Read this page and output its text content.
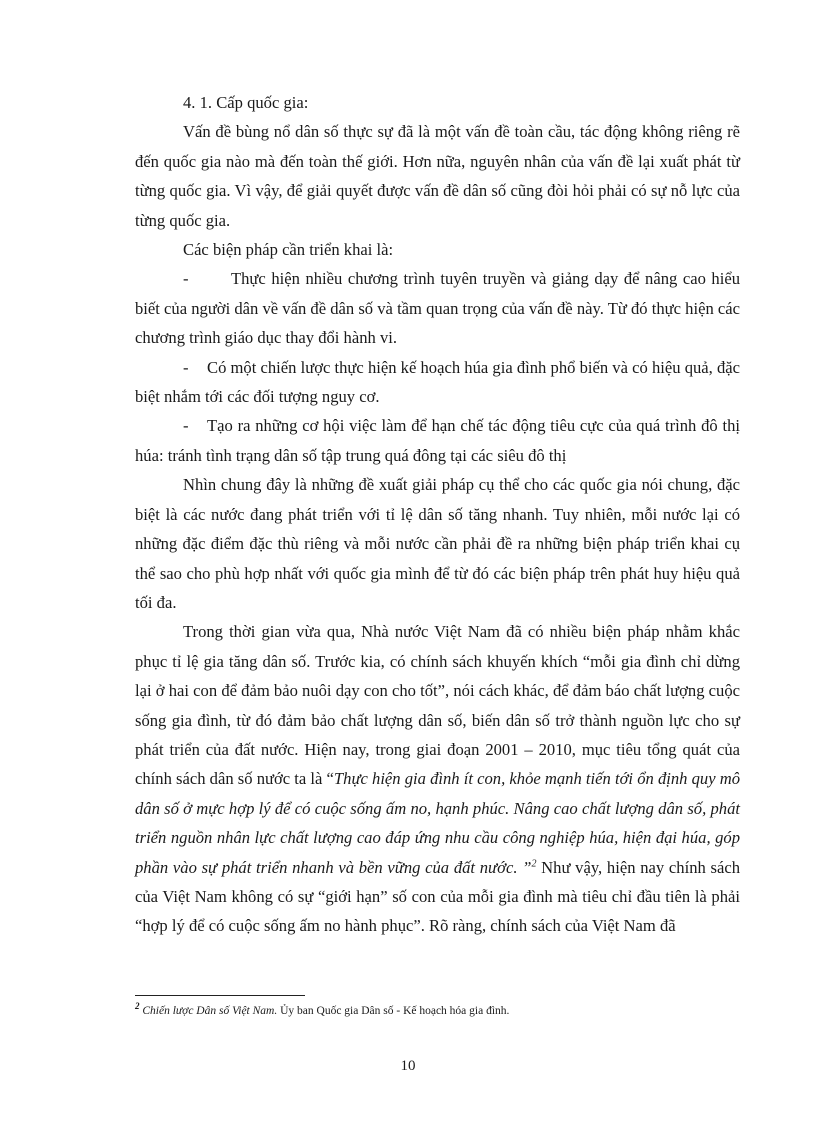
4. 1. Cấp quốc gia:

Vấn đề bùng nổ dân số thực sự đã là một vấn đề toàn cầu, tác động không riêng rẽ đến quốc gia nào mà đến toàn thế giới. Hơn nữa, nguyên nhân của vấn đề lại xuất phát từ từng quốc gia. Vì vậy, để giải quyết được vấn đề dân số cũng đòi hỏi phải có sự nỗ lực của từng quốc gia.

Các biện pháp cần triển khai là:

-	Thực hiện nhiều chương trình tuyên truyền và giảng dạy để nâng cao hiểu biết của người dân về vấn đề dân số và tầm quan trọng của vấn đề này. Từ đó thực hiện các chương trình giáo dục thay đổi hành vi.

- Có một chiến lược thực hiện kế hoạch húa gia đình phổ biến và có hiệu quả, đặc biệt nhắm tới các đối tượng nguy cơ.

- Tạo ra những cơ hội việc làm để hạn chế tác động tiêu cực của quá trình đô thị húa: tránh tình trạng dân số tập trung quá đông tại các siêu đô thị

Nhìn chung đây là những đề xuất giải pháp cụ thể cho các quốc gia nói chung, đặc biệt là các nước đang phát triển với tỉ lệ dân số tăng nhanh. Tuy nhiên, mỗi nước lại có những đặc điểm đặc thù riêng và mỗi nước cần phải đề ra những biện pháp triển khai cụ thể sao cho phù hợp nhất với quốc gia mình để từ đó các biện pháp trên phát huy hiệu quả tối đa.

Trong thời gian vừa qua, Nhà nước Việt Nam đã có nhiều biện pháp nhằm khắc phục tỉ lệ gia tăng dân số. Trước kia, có chính sách khuyến khích “mỗi gia đình chỉ dừng lại ở hai con để đảm bảo nuôi dạy con cho tốt”, nói cách khác, để đảm báo chất lượng cuộc sống gia đình, từ đó đảm bảo chất lượng dân số, biến dân số trở thành nguồn lực cho sự phát triển của đất nước. Hiện nay, trong giai đoạn 2001 – 2010, mục tiêu tổng quát của chính sách dân số nước ta là “Thực hiện gia đình ít con, khỏe mạnh tiến tới ổn định quy mô dân số ở mực hợp lý để có cuộc sống ấm no, hạnh phúc. Nâng cao chất lượng dân số, phát triển nguồn nhân lực chất lượng cao đáp ứng nhu cầu công nghiệp húa, hiện đại húa, góp phần vào sự phát triển nhanh và bền vững của đất nước. ”$^2$ Như vậy, hiện nay chính sách của Việt Nam không có sự “giới hạn” số con của mỗi gia đình mà tiêu chỉ đầu tiên là phải “hợp lý để có cuộc sống ấm no hành phục”. Rõ ràng, chính sách của Việt Nam đã

$^2$ Chiến lược Dân số Việt Nam. Ủy ban Quốc gia Dân số - Kế hoạch hóa gia đình.
10
